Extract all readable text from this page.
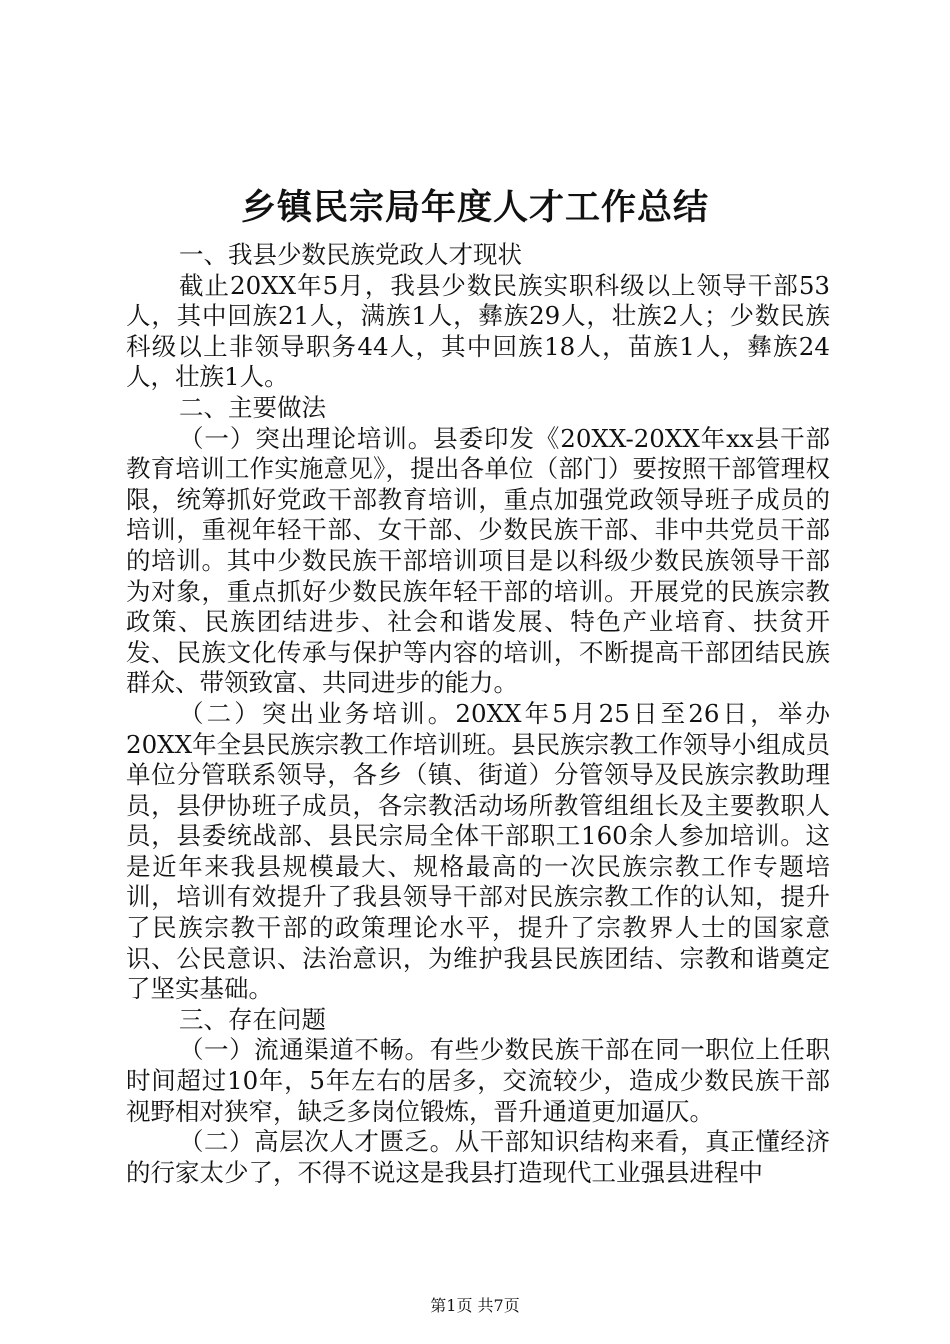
乡镇民宗局年度人才工作总结

一、我县少数民族党政人才现状

截止20XX年5月，我县少数民族实职科级以上领导干部53人，其中回族21人，满族1人，彝族29人，壮族2人；少数民族科级以上非领导职务44人，其中回族18人，苗族1人，彝族24人，壮族1人。

二、主要做法

（一）突出理论培训。县委印发《20XX-20XX年xx县干部教育培训工作实施意见》，提出各单位（部门）要按照干部管理权限，统筹抓好党政干部教育培训，重点加强党政领导班子成员的培训，重视年轻干部、女干部、少数民族干部、非中共党员干部的培训。其中少数民族干部培训项目是以科级少数民族领导干部为对象，重点抓好少数民族年轻干部的培训。开展党的民族宗教政策、民族团结进步、社会和谐发展、特色产业培育、扶贫开发、民族文化传承与保护等内容的培训，不断提高干部团结民族群众、带领致富、共同进步的能力。

（二）突出业务培训。20XX年5月25日至26日，举办20XX年全县民族宗教工作培训班。县民族宗教工作领导小组成员单位分管联系领导，各乡（镇、街道）分管领导及民族宗教助理员，县伊协班子成员，各宗教活动场所教管组组长及主要教职人员，县委统战部、县民宗局全体干部职工160余人参加培训。这是近年来我县规模最大、规格最高的一次民族宗教工作专题培训，培训有效提升了我县领导干部对民族宗教工作的认知，提升了民族宗教干部的政策理论水平，提升了宗教界人士的国家意识、公民意识、法治意识，为维护我县民族团结、宗教和谐奠定了坚实基础。

三、存在问题

（一）流通渠道不畅。有些少数民族干部在同一职位上任职时间超过10年，5年左右的居多，交流较少，造成少数民族干部视野相对狭窄，缺乏多岗位锻炼，晋升通道更加逼仄。

（二）高层次人才匮乏。从干部知识结构来看，真正懂经济的行家太少了，不得不说这是我县打造现代工业强县进程中

第1页 共7页
